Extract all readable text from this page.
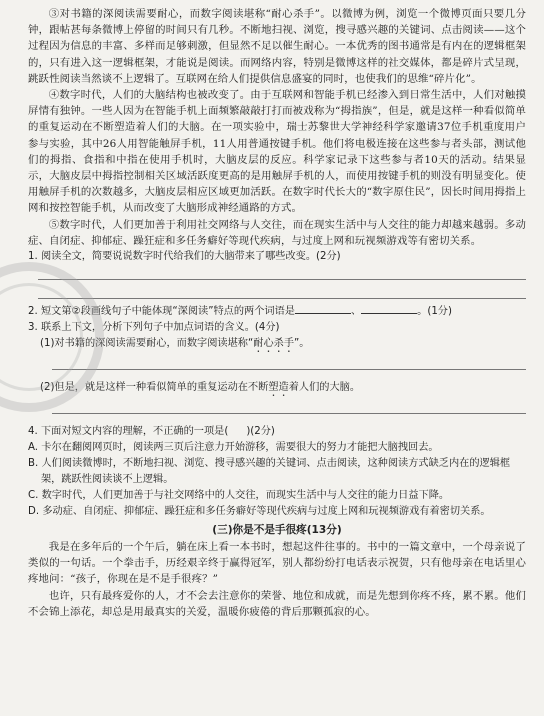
③对书籍的深阅读需要耐心，而数字阅读堪称“耐心杀手”。以微博为例，浏览一个微博页面只要几分钟，跟帖甚每条微博上停留的时间只有几秒。不断地扫视、浏览，搜寻感兴趣的关键词、点击阅读——这个过程因为信息的丰富、多样而足够刺激，但显然不足以催生耐心。一本优秀的图书通常是有内在的逻辑框架的，只有进入这一逻辑框架，才能说是阅读。而网络内容，特别是微博这样的社交媒体，都是碎片式呈现，跳跃性阅读当然谈不上逻辑了。互联网在给人们提供信息盛宴的同时，也使我们的思维“碎片化”。

④数字时代，人们的大脑结构也被改变了。由于互联网和智能手机已经渗入到日常生活中，人们对触摸屏情有独钟。一些人因为在智能手机上面频繁敲敲打打而被戏称为“拇指族”，但是，就是这样一种看似简单的重复运动在不断塑造着人们的大脑。在一项实验中，瑞士苏黎世大学神经科学家邀请37位手机重度用户参与实验，其中26人用智能触屏手机，11人用普通按键手机。他们将电极连接在这些参与者头部，测试他们的拇指、食指和中指在使用手机时，大脑皮层的反应。科学家记录下这些参与者10天的活动。结果显示，大脑皮层中拇指控制相关区域活跃度更高的是用触屏手机的人，而使用按键手机的则没有明显变化。使用触屏手机的次数越多，大脑皮层相应区域更加活跃。在数字时代长大的“数字原住民”，因长时间用拇指上网和按控智能手机，从而改变了大脑形成神经通路的方式。

⑤数字时代，人们更加善于利用社交网络与人交往，而在现实生活中与人交往的能力却越来越弱。多动症、自闭症、抑郁症、躁狂症和多任务癖好等现代疾病，与过度上网和玩视频游戏等有密切关系。

1. 阅读全文，简要说说数字时代给我们的大脑带来了哪些改变。(2分)

2. 短文第②段画线句子中能体现“深阅读”特点的两个词语是	、	。(1分)

3. 联系上下文，分析下列句子中加点词语的含义。(4分)

(1)对书籍的深阅读需要耐心，而数字阅读堪称“耐心杀手”。

(2)但是，就是这样一种看似简单的重复运动在不断塑造着人们的大脑。

4. 下面对短文内容的理解，不正确的一项是( )(2分)

A. 卡尔在翻阅网页时，阅读两三页后注意力开始游移，需要很大的努力才能把大脑拽回去。

B. 人们阅读微博时，不断地扫视、浏览、搜寻感兴趣的关键词、点击阅读，这种阅读方式缺乏内在的逻辑框架，跳跃性阅读谈不上逻辑。

C. 数字时代，人们更加善于与社交网络中的人交往，而现实生活中与人交往的能力日益下降。

D. 多动症、自闭症、抑郁症、躁狂症和多任务癖好等现代疾病与过度上网和玩视频游戏有着密切关系。

(三)你是不是手很疼(13分)

我是在多年后的一个午后，躺在床上看一本书时，想起这件往事的。书中的一篇文章中，一个母亲说了类似的一句话。一个拳击手，历经艰辛终于赢得冠军，别人都纷纷打电话表示祝贺，只有他母亲在电话里心疼地问：“孩子，你现在是不是手很疼？”

也许，只有最疼爱你的人，才不会去注意你的荣誉、地位和成就，而是先想到你疼不疼，累不累。他们不会锦上添花，却总是用最真实的关爱，温暖你疲倦的背后那颗孤寂的心。
